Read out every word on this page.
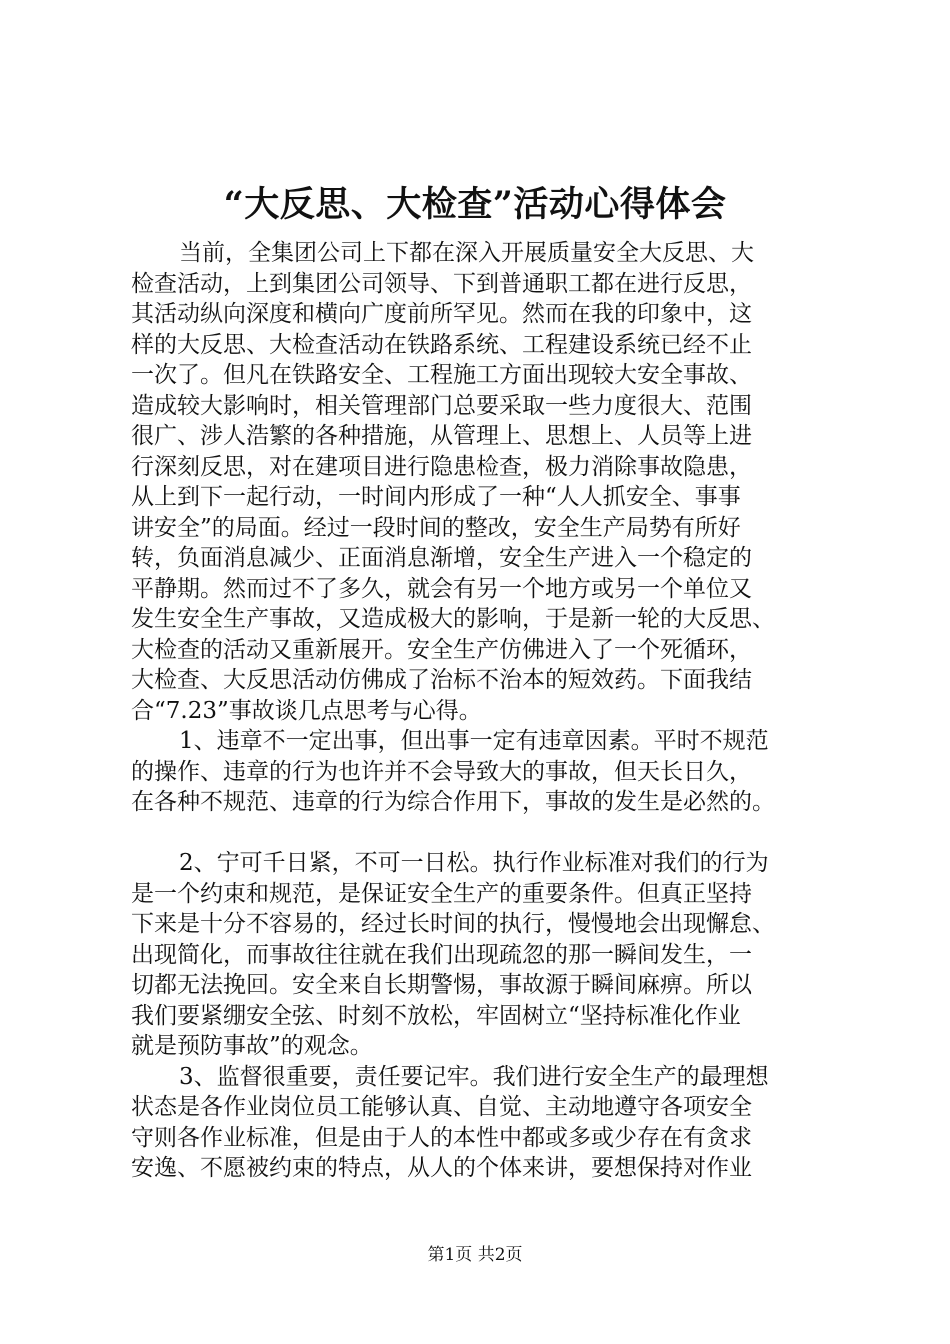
“大反思、大检查”活动心得体会
当前，全集团公司上下都在深入开展质量安全大反思、大
检查活动，上到集团公司领导、下到普通职工都在进行反思，
其活动纵向深度和横向广度前所罕见。然而在我的印象中，这
样的大反思、大检查活动在铁路系统、工程建设系统已经不止
一次了。但凡在铁路安全、工程施工方面出现较大安全事故、
造成较大影响时，相关管理部门总要采取一些力度很大、范围
很广、涉人浩繁的各种措施，从管理上、思想上、人员等上进
行深刻反思，对在建项目进行隐患检查，极力消除事故隐患，
从上到下一起行动，一时间内形成了一种“人人抓安全、事事
讲安全”的局面。经过一段时间的整改，安全生产局势有所好
转，负面消息减少、正面消息渐增，安全生产进入一个稳定的
平静期。然而过不了多久，就会有另一个地方或另一个单位又
发生安全生产事故，又造成极大的影响，于是新一轮的大反思、
大检查的活动又重新展开。安全生产仿佛进入了一个死循环，
大检查、大反思活动仿佛成了治标不治本的短效药。下面我结
合“7.23”事故谈几点思考与心得。
1、违章不一定出事，但出事一定有违章因素。平时不规范
的操作、违章的行为也许并不会导致大的事故，但天长日久，
在各种不规范、违章的行为综合作用下，事故的发生是必然的。
2、宁可千日紧，不可一日松。执行作业标准对我们的行为
是一个约束和规范，是保证安全生产的重要条件。但真正坚持
下来是十分不容易的，经过长时间的执行，慢慢地会出现懈怠、
出现简化，而事故往往就在我们出现疏忽的那一瞬间发生，一
切都无法挽回。安全来自长期警惕，事故源于瞬间麻痹。所以
我们要紧绷安全弦、时刻不放松，牢固树立“坚持标准化作业
就是预防事故”的观念。
3、监督很重要，责任要记牢。我们进行安全生产的最理想
状态是各作业岗位员工能够认真、自觉、主动地遵守各项安全
守则各作业标准，但是由于人的本性中都或多或少存在有贪求
安逸、不愿被约束的特点，从人的个体来讲，要想保持对作业
第1页 共2页
